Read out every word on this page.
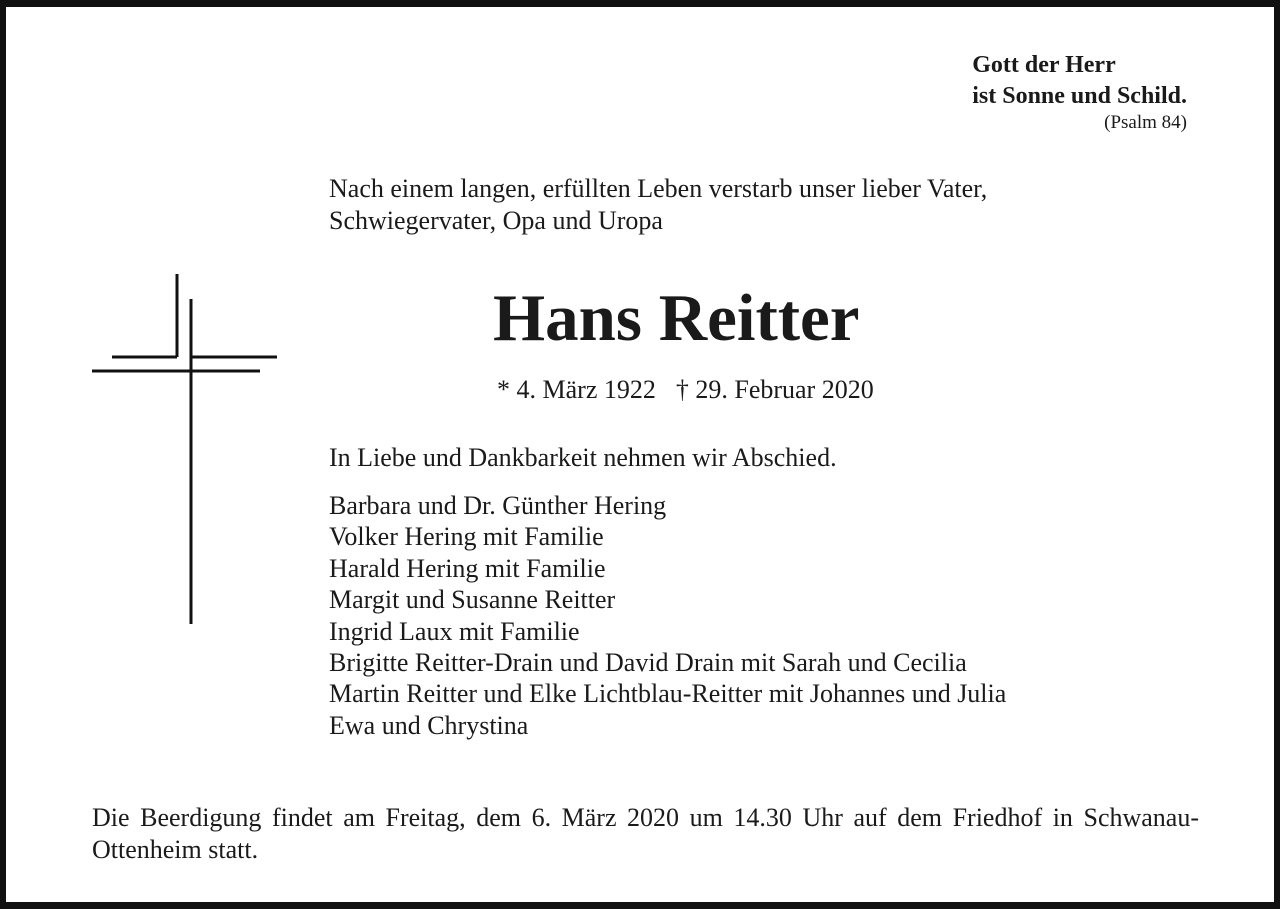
Gott der Herr
ist Sonne und Schild.
(Psalm 84)
Nach einem langen, erfüllten Leben verstarb unser lieber Vater,
Schwiegervater, Opa und Uropa
Hans Reitter
* 4. März 1922 † 29. Februar 2020
In Liebe und Dankbarkeit nehmen wir Abschied.
Barbara und Dr. Günther Hering
Volker Hering mit Familie
Harald Hering mit Familie
Margit und Susanne Reitter
Ingrid Laux mit Familie
Brigitte Reitter-Drain und David Drain mit Sarah und Cecilia
Martin Reitter und Elke Lichtblau-Reitter mit Johannes und Julia
Ewa und Chrystina
Die Beerdigung findet am Freitag, dem 6. März 2020 um 14.30 Uhr auf dem Friedhof in Schwanau-Ottenheim statt.
